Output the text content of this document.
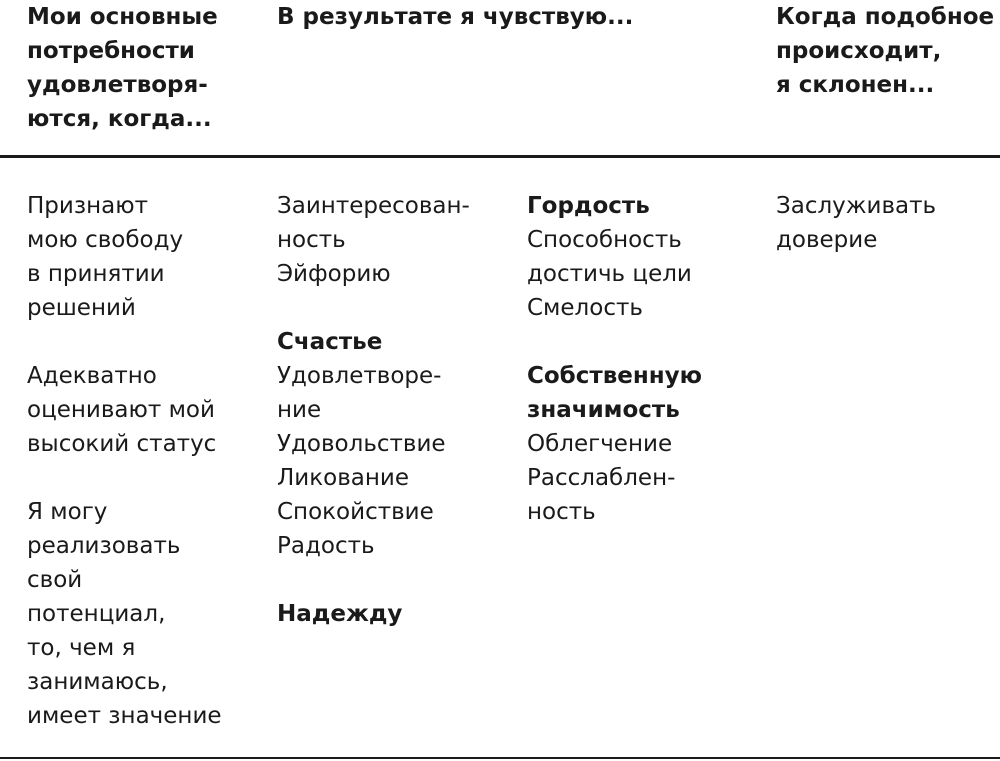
Мои основные
потребности
удовлетворя-
ются, когда...

В результате я чувствую...	Когда подобное
происходит,
я склонен...

Признают
мою свободу
в принятии
решений

Адекватно
оценивают мой
высокий статус

Я могу
реализовать
свой
потенциал,
то, чем я
занимаюсь,
имеет значение

Заинтересован-
ность
Эйфорию

Счастье

Удовлетворе-
ние
Удовольствие
Ликование
Спокойствие
Радость

Надежду

Гордость

Способность
достичь цели
Смелость

Собственную
значимость

Облегчение
Расслаблен-
ность

Заслуживать
доверие
